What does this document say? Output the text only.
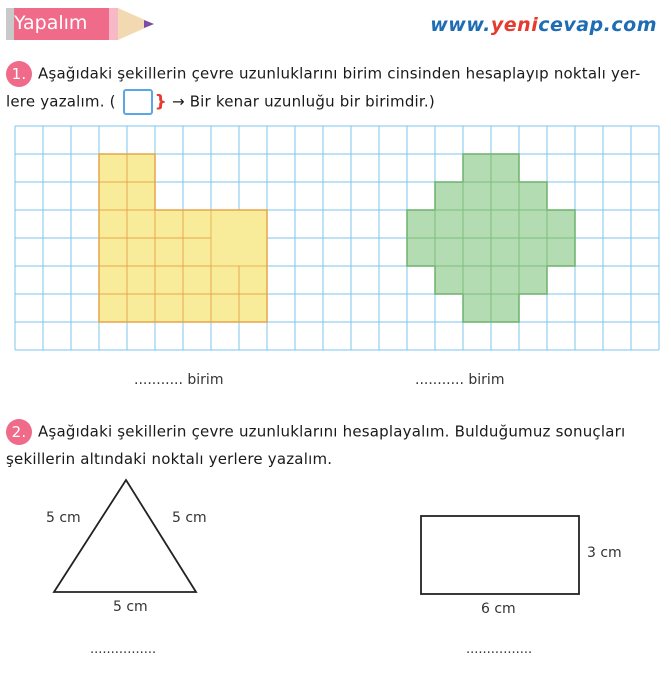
Yapalım	www.yenicevap.com
1. Aşağıdaki şekillerin çevre uzunluklarını birim cinsinden hesaplayıp noktalı yer-
lere yazalım. ( } → Bir kenar uzunluğu bir birimdir.)
........... birim	........... birim
2. Aşağıdaki şekillerin çevre uzunluklarını hesaplayalım. Bulduğumuz sonuçları
şekillerin altındaki noktalı yerlere yazalım.
5 cm	5 cm
5 cm
3 cm
6 cm
................	................
